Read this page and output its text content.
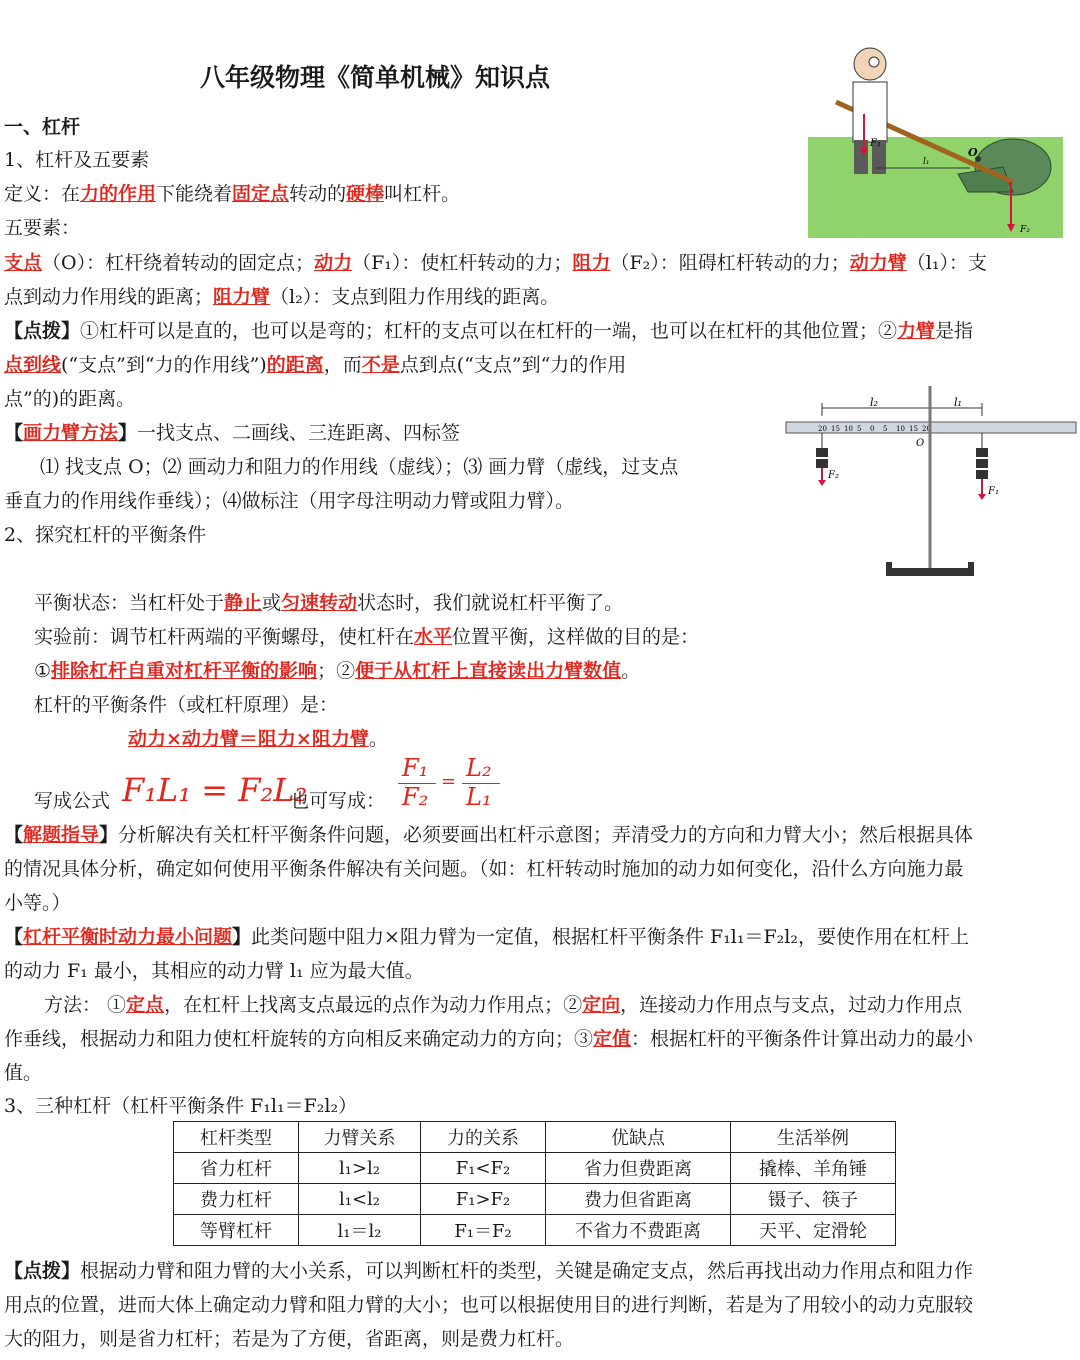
八年级物理《简单机械》知识点
F₁
l₁
O
F₂
l₂	l₁
20 15 10 5 0 5 10 15 20
O
F₂
F₁
一、杠杆
1、杠杆及五要素
定义：在力的作用下能绕着固定点转动的硬棒叫杠杆。
五要素：
支点（O）：杠杆绕着转动的固定点；动力（F₁）：使杠杆转动的力；阻力（F₂）：阻碍杠杆转动的力；动力臂（l₁）：支
点到动力作用线的距离；阻力臂（l₂）：支点到阻力作用线的距离。
【点拨】①杠杆可以是直的，也可以是弯的；杠杆的支点可以在杠杆的一端，也可以在杠杆的其他位置；②力臂是指
点到线(“支点”到“力的作用线”)的距离，而不是点到点(“支点”到“力的作用
点”的)的距离。
【画力臂方法】一找支点、二画线、三连距离、四标签
⑴ 找支点 O；⑵ 画动力和阻力的作用线（虚线）；⑶ 画力臂（虚线，过支点
垂直力的作用线作垂线）；⑷做标注（用字母注明动力臂或阻力臂）。
2、探究杠杆的平衡条件
平衡状态：当杠杆处于静止或匀速转动状态时，我们就说杠杆平衡了。
实验前：调节杠杆两端的平衡螺母，使杠杆在水平位置平衡，这样做的目的是：
①排除杠杆自重对杠杆平衡的影响；②便于从杠杆上直接读出力臂数值。
杠杆的平衡条件（或杠杆原理）是：
动力×动力臂＝阻力×阻力臂。
写成公式 F₁L₁ = F₂L₂
也可写成：
F₁
F₂
= L₂
L₁
【解题指导】分析解决有关杠杆平衡条件问题，必须要画出杠杆示意图；弄清受力的方向和力臂大小；然后根据具体
的情况具体分析，确定如何使用平衡条件解决有关问题。（如：杠杆转动时施加的动力如何变化，沿什么方向施力最
小等。）
【杠杆平衡时动力最小问题】此类问题中阻力×阻力臂为一定值，根据杠杆平衡条件 F₁l₁＝F₂l₂，要使作用在杠杆上
的动力 F₁ 最小，其相应的动力臂 l₁ 应为最大值。
方法： ①定点，在杠杆上找离支点最远的点作为动力作用点；②定向，连接动力作用点与支点，过动力作用点
作垂线，根据动力和阻力使杠杆旋转的方向相反来确定动力的方向；③定值：根据杠杆的平衡条件计算出动力的最小
值。
3、三种杠杆（杠杆平衡条件 F₁l₁＝F₂l₂）
杠杆类型	力臂关系	力的关系	优缺点	生活举例
省力杠杆	l₁>l₂	F₁<F₂	省力但费距离	撬棒、羊角锤
费力杠杆	l₁<l₂	F₁>F₂	费力但省距离	镊子、筷子
等臂杠杆	l₁＝l₂	F₁＝F₂	不省力不费距离	天平、定滑轮
【点拨】根据动力臂和阻力臂的大小关系，可以判断杠杆的类型，关键是确定支点，然后再找出动力作用点和阻力作
用点的位置，进而大体上确定动力臂和阻力臂的大小；也可以根据使用目的进行判断，若是为了用较小的动力克服较
大的阻力，则是省力杠杆；若是为了方便，省距离，则是费力杠杆。
